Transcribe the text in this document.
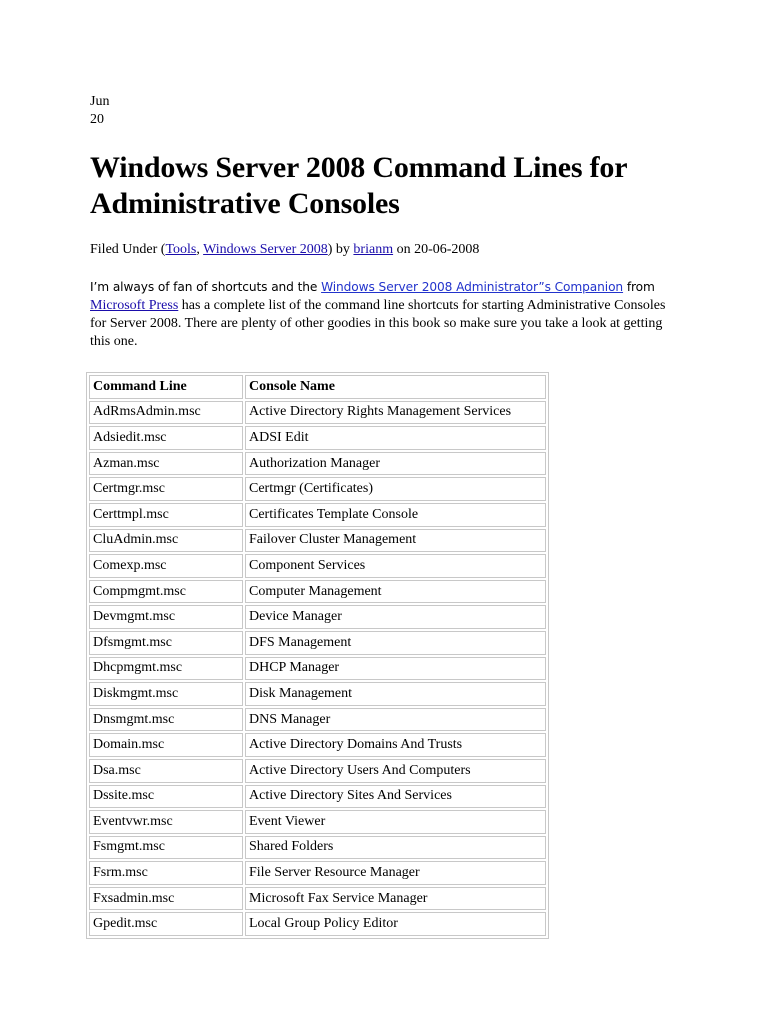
Jun
20
Windows Server 2008 Command Lines for Administrative Consoles
Filed Under (Tools, Windows Server 2008) by brianm on 20-06-2008
I’m always of fan of shortcuts and the Windows Server 2008 Administrator”s Companion from Microsoft Press has a complete list of the command line shortcuts for starting Administrative Consoles for Server 2008. There are plenty of other goodies in this book so make sure you take a look at getting this one.
Command Line	Console Name
AdRmsAdmin.msc	Active Directory Rights Management Services
Adsiedit.msc	ADSI Edit
Azman.msc	Authorization Manager
Certmgr.msc	Certmgr (Certificates)
Certtmpl.msc	Certificates Template Console
CluAdmin.msc	Failover Cluster Management
Comexp.msc	Component Services
Compmgmt.msc	Computer Management
Devmgmt.msc	Device Manager
Dfsmgmt.msc	DFS Management
Dhcpmgmt.msc	DHCP Manager
Diskmgmt.msc	Disk Management
Dnsmgmt.msc	DNS Manager
Domain.msc	Active Directory Domains And Trusts
Dsa.msc	Active Directory Users And Computers
Dssite.msc	Active Directory Sites And Services
Eventvwr.msc	Event Viewer
Fsmgmt.msc	Shared Folders
Fsrm.msc	File Server Resource Manager
Fxsadmin.msc	Microsoft Fax Service Manager
Gpedit.msc	Local Group Policy Editor
